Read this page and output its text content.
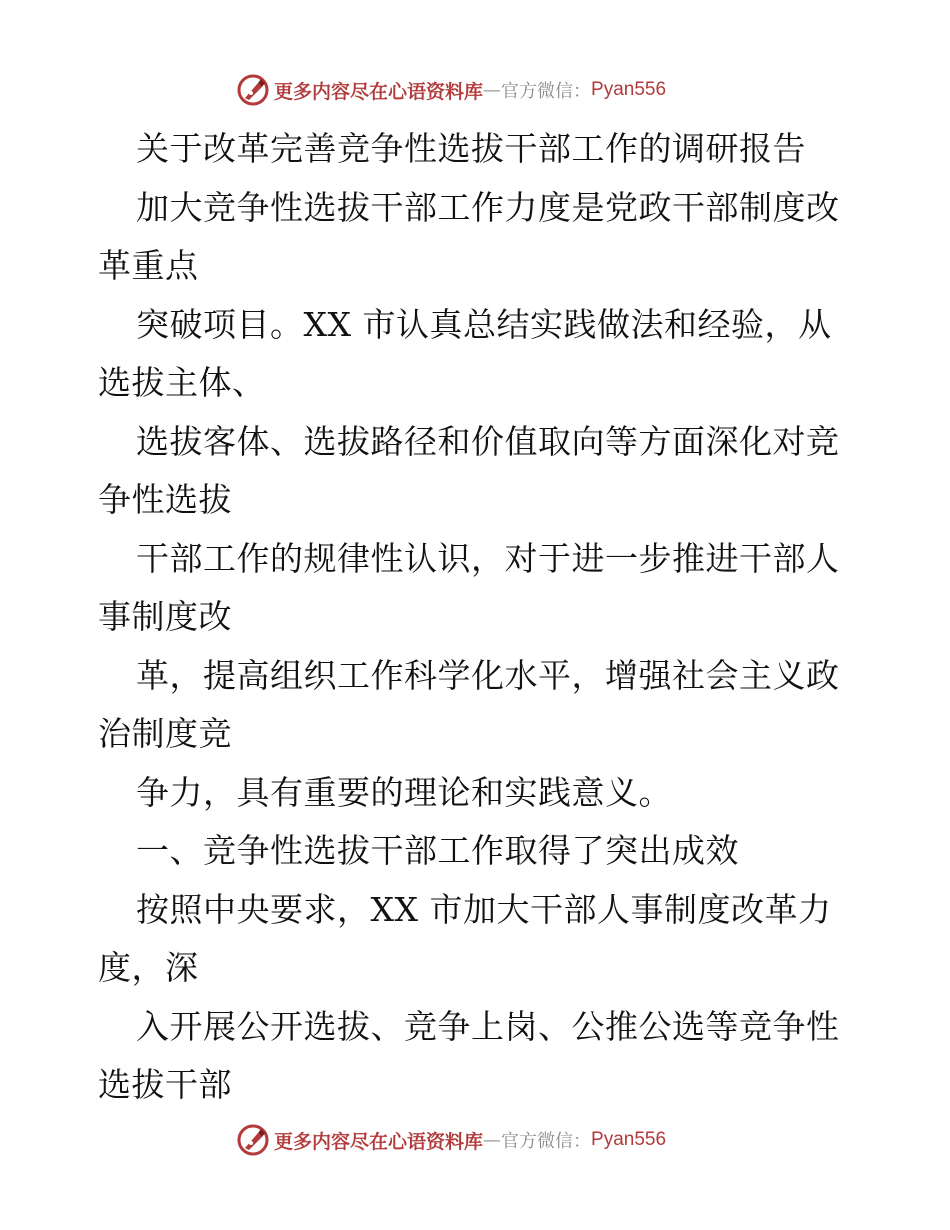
更多内容尽在心语资料库 — 官方微信： Pyan556
关于改革完善竞争性选拔干部工作的调研报告
加大竞争性选拔干部工作力度是党政干部制度改
革重点
突破项目。XX 市认真总结实践做法和经验，从
选拔主体、
选拔客体、选拔路径和价值取向等方面深化对竞
争性选拔
干部工作的规律性认识，对于进一步推进干部人
事制度改
革，提高组织工作科学化水平，增强社会主义政
治制度竞
争力，具有重要的理论和实践意义。
一、竞争性选拔干部工作取得了突出成效
按照中央要求，XX 市加大干部人事制度改革力
度，深
入开展公开选拔、竞争上岗、公推公选等竞争性
选拔干部
更多内容尽在心语资料库 — 官方微信： Pyan556
